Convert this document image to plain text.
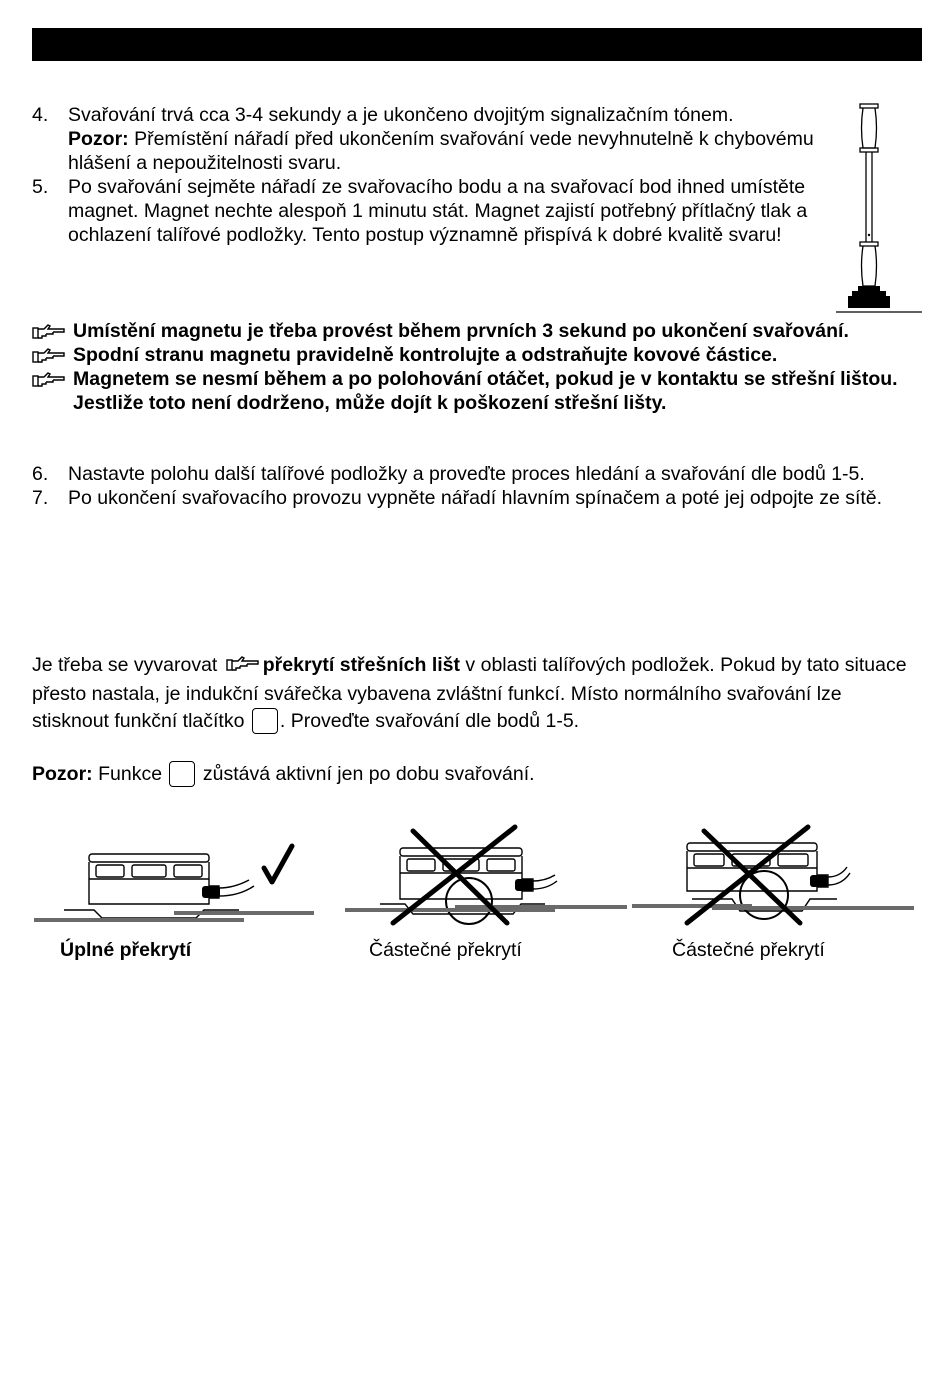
4.	Svařování trvá cca 3-4 sekundy a je ukončeno dvojitým signalizačním tónem.
Pozor: Přemístění nářadí před ukončením svařování vede nevyhnutelně k chybovému hlášení a nepoužitelnosti svaru.
5.	Po svařování sejměte nářadí ze svařovacího bodu a na svařovací bod ihned umístěte magnet. Magnet nechte alespoň 1 minutu stát. Magnet zajistí potřebný přítlačný tlak a ochlazení talířové podložky. Tento postup významně přispívá k dobré kvalitě svaru!
Umístění magnetu je třeba provést během prvních 3 sekund po ukončení svařování.
Spodní stranu magnetu pravidelně kontrolujte a odstraňujte kovové částice.
Magnetem se nesmí během a po polohování otáčet, pokud je v kontaktu se střešní lištou. Jestliže toto není dodrženo, může dojít k poškození střešní lišty.
6.	Nastavte polohu další talířové podložky a proveďte proces hledání a svařování dle bodů 1-5.
7.	Po ukončení svařovacího provozu vypněte nářadí hlavním spínačem a poté jej odpojte ze sítě.
Je třeba se vyvarovat překrytí střešních lišt v oblasti talířových podložek. Pokud by tato situace přesto nastala, je indukční svářečka vybavena zvláštní funkcí. Místo normálního svařování lze stisknout funkční tlačítko . Proveďte svařování dle bodů 1-5.
Pozor: Funkce  zůstává aktivní jen po dobu svařování.
Úplné překrytí	Částečné překrytí	Částečné překrytí
